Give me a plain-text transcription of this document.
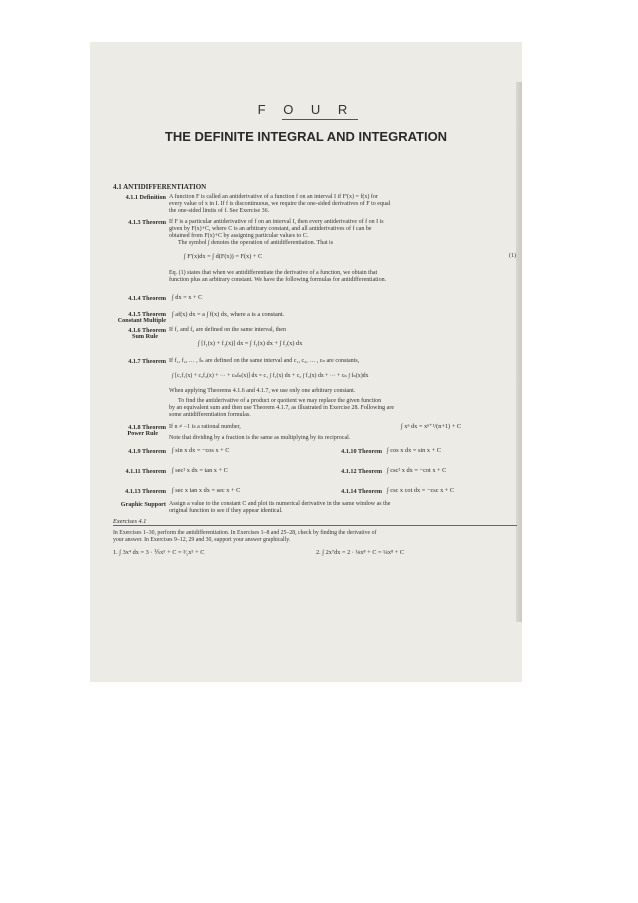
F O U R
THE DEFINITE INTEGRAL AND INTEGRATION
4.1 ANTIDIFFERENTIATION
4.1.1 Definition A function F is called an antiderivative of a function f on an interval I if F'(x) = f(x) for
every value of x in I. If f is discontinuous, we require the one-sided derivatives of F to equal
the one-sided limits of f. See Exercise 36.
4.1.3 Theorem If F is a particular antiderivative of f on an interval I, then every antiderivative of f on I is
given by F(x)+C, where C is an arbitrary constant, and all antiderivatives of f can be
obtained from F(x)+C by assigning particular values to C.
The symbol ∫ denotes the operation of antidifferentiation. That is
∫ F'(x)dx = ∫ d(F(x)) = F(x) + C	(1)
Eq. (1) states that when we antidifferentiate the derivative of a function, we obtain that
function plus an arbitrary constant. We have the following formulas for antidifferentiation.
4.1.4 Theorem ∫ dx = x + C
4.1.5 Theorem
Constant Multiple
∫ af(x) dx = a ∫ f(x) dx, where a is a constant.
4.1.6 Theorem
Sum Rule
If f₁ and f₂ are defined on the same interval, then
∫ [f₁(x) + f₂(x)] dx = ∫ f₁(x) dx + ∫ f₂(x) dx
4.1.7 Theorem If f₁, f₂, … , fₙ are defined on the same interval and c₁, c₂, … , cₙ are constants,
∫ [c₁f₁(x) + c₂f₂(x) + ··· + cₙfₙ(x)] dx = c₁ ∫ f₁(x) dx + c₂ ∫ f₂(x) dx + ··· + cₙ ∫ fₙ(x)dx
When applying Theorems 4.1.6 and 4.1.7, we use only one arbitrary constant.
To find the antiderivative of a product or quotient we may replace the given function
by an equivalent sum and then use Theorem 4.1.7, as illustrated in Exercise 28. Following are
some antidifferentiation formulas.
4.1.8 Theorem
Power Rule
If n ≠ −1 is a rational number,	∫ xⁿ dx = xⁿ⁺¹/(n+1) + C
Note that dividing by a fraction is the same as multiplying by its reciprocal.
4.1.9 Theorem ∫ sin x dx = −cos x + C	4.1.10 Theorem ∫ cos x dx = sin x + C
4.1.11 Theorem ∫ sec² x dx = tan x + C	4.1.12 Theorem ∫ csc² x dx = −cot x + C
4.1.13 Theorem ∫ sec x tan x dx = sec x + C	4.1.14 Theorem ∫ csc x cot dx = −csc x + C
Graphic Support Assign a value to the constant C and plot its numerical derivative in the same window as the
original function to see if they appear identical.
Exercises 4.1
In Exercises 1–30, perform the antidifferentiation. In Exercises 1–8 and 25–28, check by finding the derivative of
your answer. In Exercises 9–12, 29 and 30, support your answer graphically.
1. ∫ 3x⁴ dx = 3 · ⅕x⁵ + C = ³⁄₅x⁵ + C	2. ∫ 2x⁷dx = 2 · ⅛x⁸ + C = ¼x⁸ + C
